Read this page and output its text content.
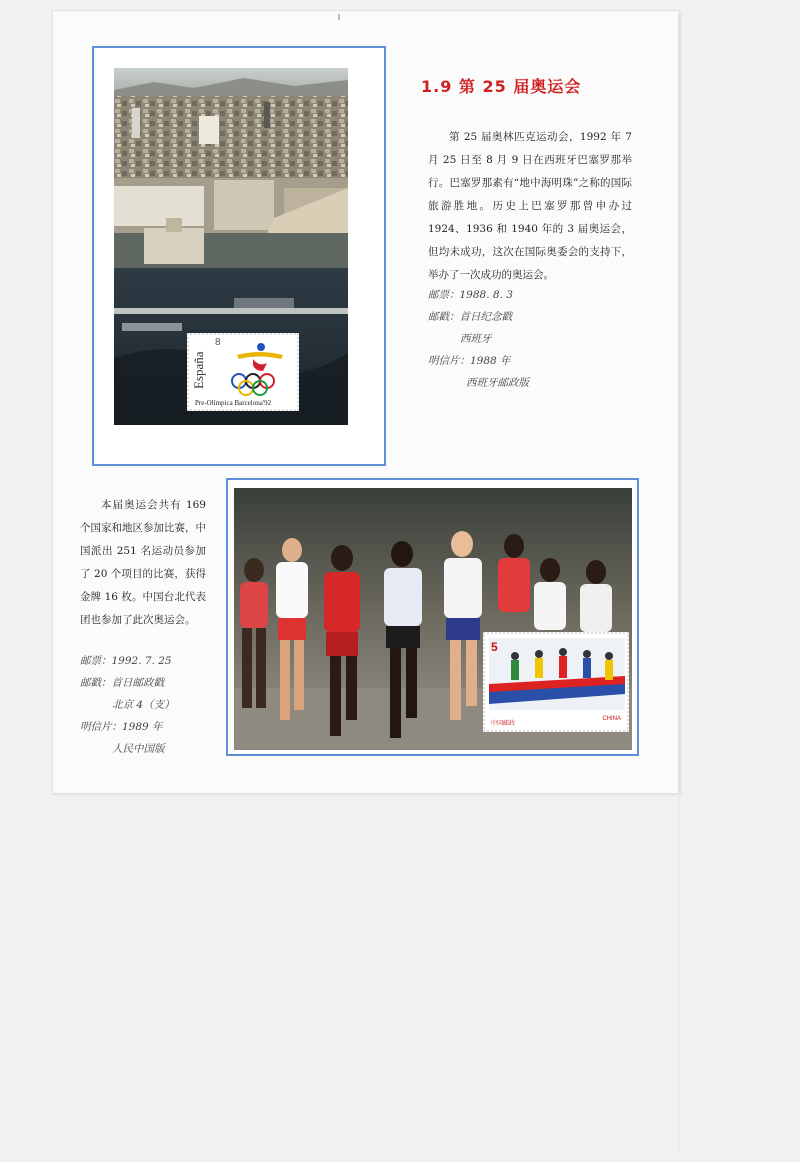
España
8
Pre-Olímpica Barcelona'92
1.9 第 25 届奥运会

第 25 届奥林匹克运动会，1992 年 7 月 25 日至 8 月 9 日在西班牙巴塞罗那举行。巴塞罗那素有“地中海明珠”之称的国际旅游胜地。历史上巴塞罗那曾申办过 1924、1936 和 1940 年的 3 届奥运会，但均未成功，这次在国际奥委会的支持下，举办了一次成功的奥运会。

邮票：1988. 8. 3
邮戳：首日纪念戳
西班牙
明信片：1988 年
西班牙邮政版

本届奥运会共有 169 个国家和地区参加比赛，中国派出 251 名运动员参加了 20 个项目的比赛，获得金牌 16 枚。中国台北代表团也参加了此次奥运会。

邮票：1992. 7. 25
邮戳：首日邮政戳
北京 4（支）
明信片：1989 年
人民中国版
5
中国邮政
CHINA
